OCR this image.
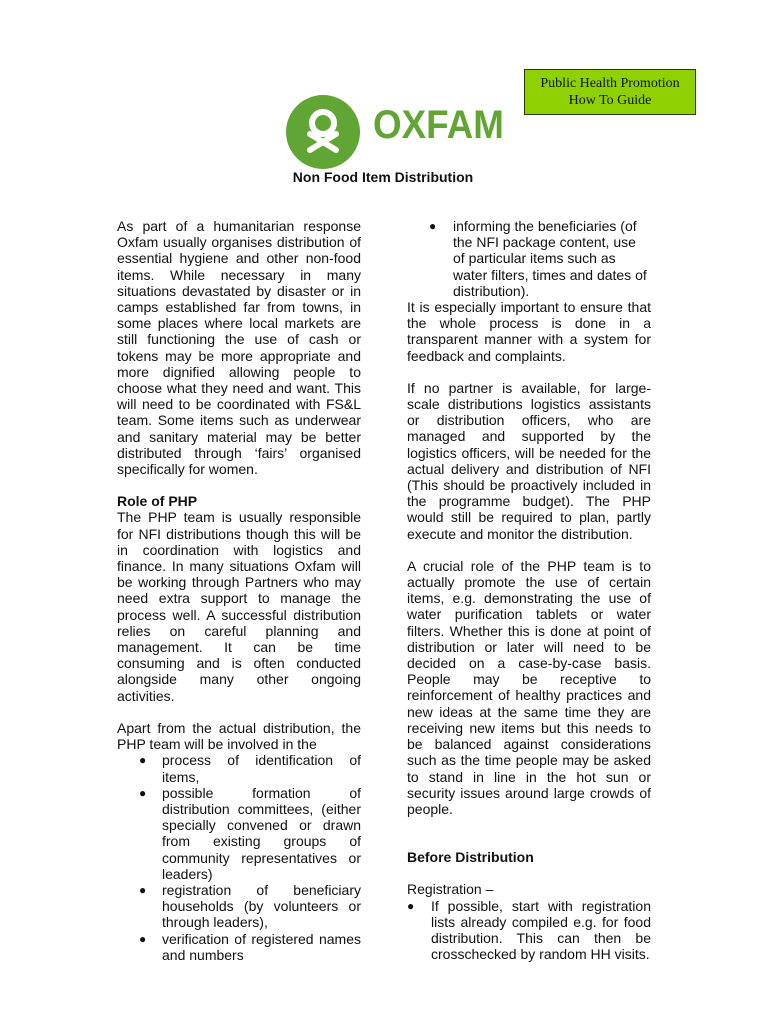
Public Health Promotion
How To Guide
OXFAM
Non Food Item Distribution

As part of a humanitarian response Oxfam usually organises distribution of essential hygiene and other non-food items. While necessary in many situations devastated by disaster or in camps established far from towns, in some places where local markets are still functioning the use of cash or tokens may be more appropriate and more dignified allowing people to choose what they need and want. This will need to be coordinated with FS&L team. Some items such as underwear and sanitary material may be better distributed through ‘fairs’ organised specifically for women.

Role of PHP

The PHP team is usually responsible for NFI distributions though this will be in coordination with logistics and finance. In many situations Oxfam will be working through Partners who may need extra support to manage the process well. A successful distribution relies on careful planning and management. It can be time consuming and is often conducted alongside many other ongoing activities.

Apart from the actual distribution, the PHP team will be involved in the

● process of identification of items,
● possible formation of distribution committees, (either specially convened or drawn from existing groups of community representatives or leaders)
● registration of beneficiary households (by volunteers or through leaders),
● verification of registered names and numbers
● informing the beneficiaries (of the NFI package content, use of particular items such as water filters, times and dates of distribution).

It is especially important to ensure that the whole process is done in a transparent manner with a system for feedback and complaints.

If no partner is available, for large-scale distributions logistics assistants or distribution officers, who are managed and supported by the logistics officers, will be needed for the actual delivery and distribution of NFI (This should be proactively included in the programme budget). The PHP would still be required to plan, partly execute and monitor the distribution.

A crucial role of the PHP team is to actually promote the use of certain items, e.g. demonstrating the use of water purification tablets or water filters. Whether this is done at point of distribution or later will need to be decided on a case-by-case basis. People may be receptive to reinforcement of healthy practices and new ideas at the same time they are receiving new items but this needs to be balanced against considerations such as the time people may be asked to stand in line in the hot sun or security issues around large crowds of people.

Before Distribution

Registration –

● If possible, start with registration lists already compiled e.g. for food distribution. This can then be crosschecked by random HH visits.
